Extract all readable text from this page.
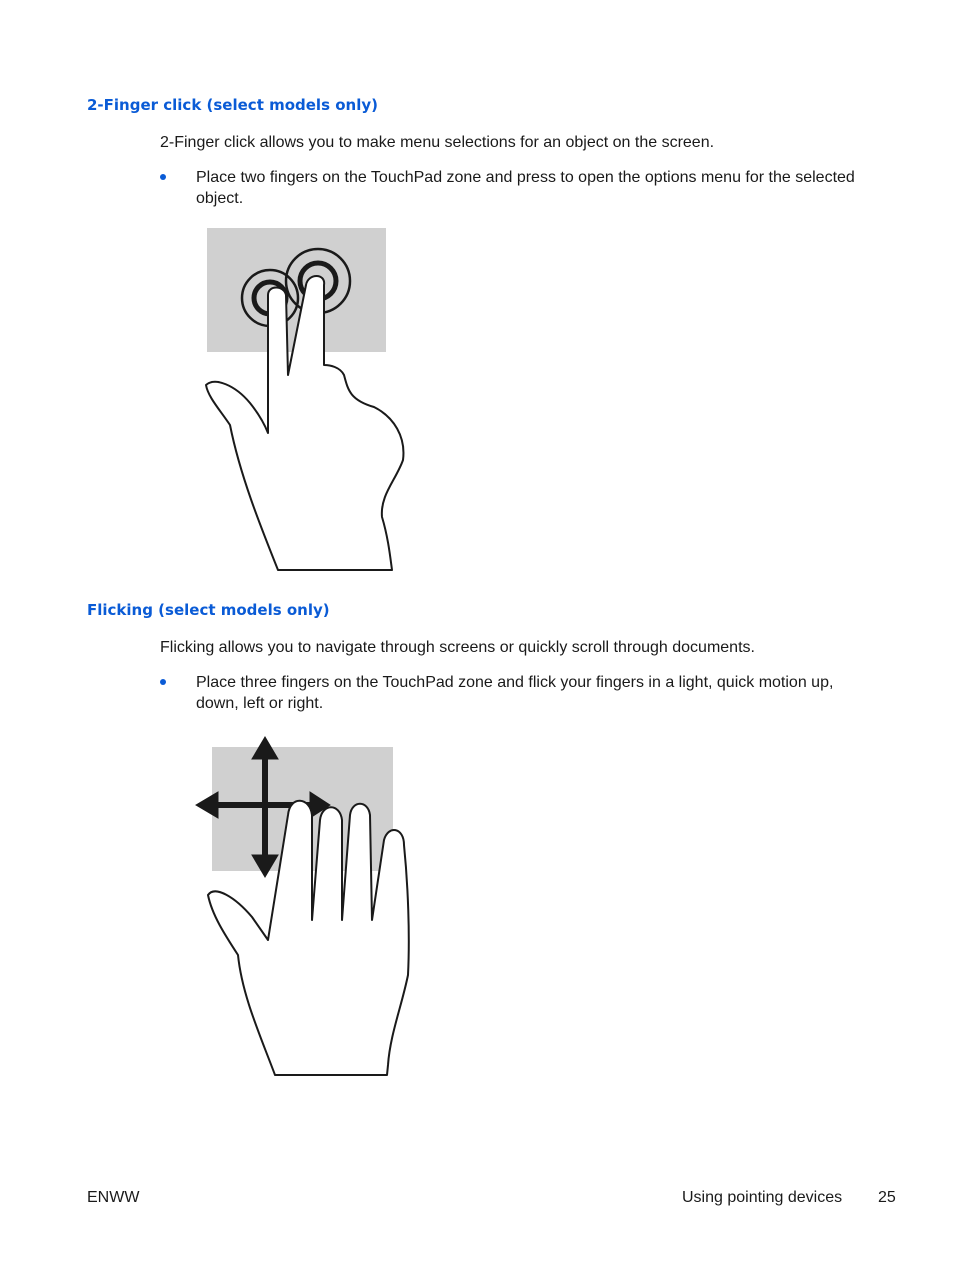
2-Finger click (select models only)

2-Finger click allows you to make menu selections for an object on the screen.

Place two fingers on the TouchPad zone and press to open the options menu for the selected object.
Flicking (select models only)

Flicking allows you to navigate through screens or quickly scroll through documents.

Place three fingers on the TouchPad zone and flick your fingers in a light, quick motion up, down, left or right.
ENWW	Using pointing devices 25
